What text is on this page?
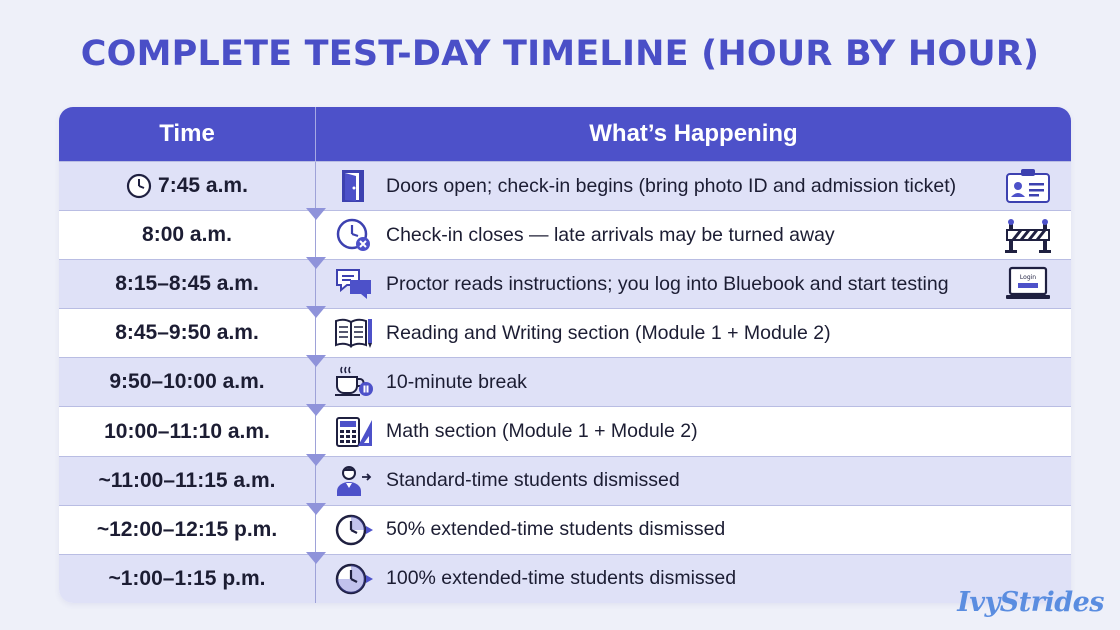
COMPLETE TEST-DAY TIMELINE (HOUR BY HOUR)
Time	What’s Happening
7:45 a.m.	Doors open; check-in begins (bring photo ID and admission ticket)
8:00 a.m.	Check-in closes — late arrivals may be turned away
8:15–8:45 a.m.	Proctor reads instructions; you log into Bluebook and start testing	Login
8:45–9:50 a.m.	Reading and Writing section (Module 1 + Module 2)
9:50–10:00 a.m.	10-minute break
10:00–11:10 a.m.	Math section (Module 1 + Module 2)
~11:00–11:15 a.m.	Standard-time students dismissed
~12:00–12:15 p.m.	50% extended-time students dismissed
~1:00–1:15 p.m.	100% extended-time students dismissed
IvyStrides
